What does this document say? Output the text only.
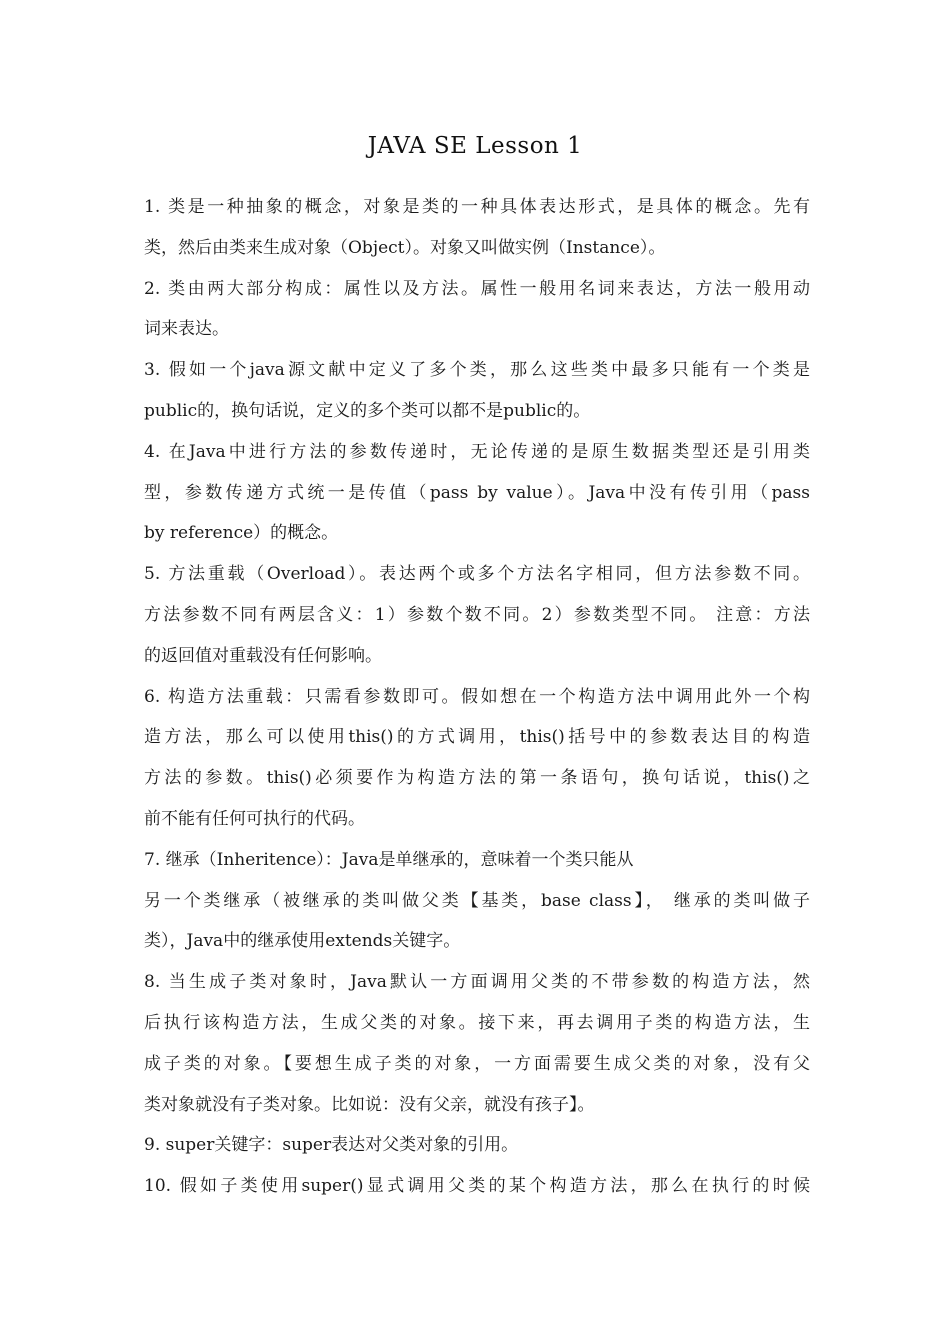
JAVA SE Lesson 1
1. 类是一种抽象的概念，对象是类的一种具体表达形式，是具体的概念。先有
类，然后由类来生成对象（Object）。对象又叫做实例（Instance）。
2. 类由两大部分构成：属性以及方法。属性一般用名词来表达，方法一般用动
词来表达。
3. 假如一个java源文献中定义了多个类，那么这些类中最多只能有一个类是
public的，换句话说，定义的多个类可以都不是public的。
4. 在Java中进行方法的参数传递时，无论传递的是原生数据类型还是引用类
型，参数传递方式统一是传值（pass by value）。Java中没有传引用（pass
by reference）的概念。
5. 方法重载（Overload）。表达两个或多个方法名字相同，但方法参数不同。
方法参数不同有两层含义：1）参数个数不同。2）参数类型不同。 注意：方法
的返回值对重载没有任何影响。
6. 构造方法重载：只需看参数即可。假如想在一个构造方法中调用此外一个构
造方法，那么可以使用this()的方式调用，this()括号中的参数表达目的构造
方法的参数。this()必须要作为构造方法的第一条语句，换句话说，this()之
前不能有任何可执行的代码。
7. 继承（Inheritence）：Java是单继承的，意味着一个类只能从
另一个类继承（被继承的类叫做父类【基类，base class】， 继承的类叫做子
类），Java中的继承使用extends关键字。
8. 当生成子类对象时，Java默认一方面调用父类的不带参数的构造方法，然
后执行该构造方法，生成父类的对象。接下来，再去调用子类的构造方法，生
成子类的对象。【要想生成子类的对象，一方面需要生成父类的对象，没有父
类对象就没有子类对象。比如说：没有父亲，就没有孩子】。
9. super关键字：super表达对父类对象的引用。
10. 假如子类使用super()显式调用父类的某个构造方法，那么在执行的时候
